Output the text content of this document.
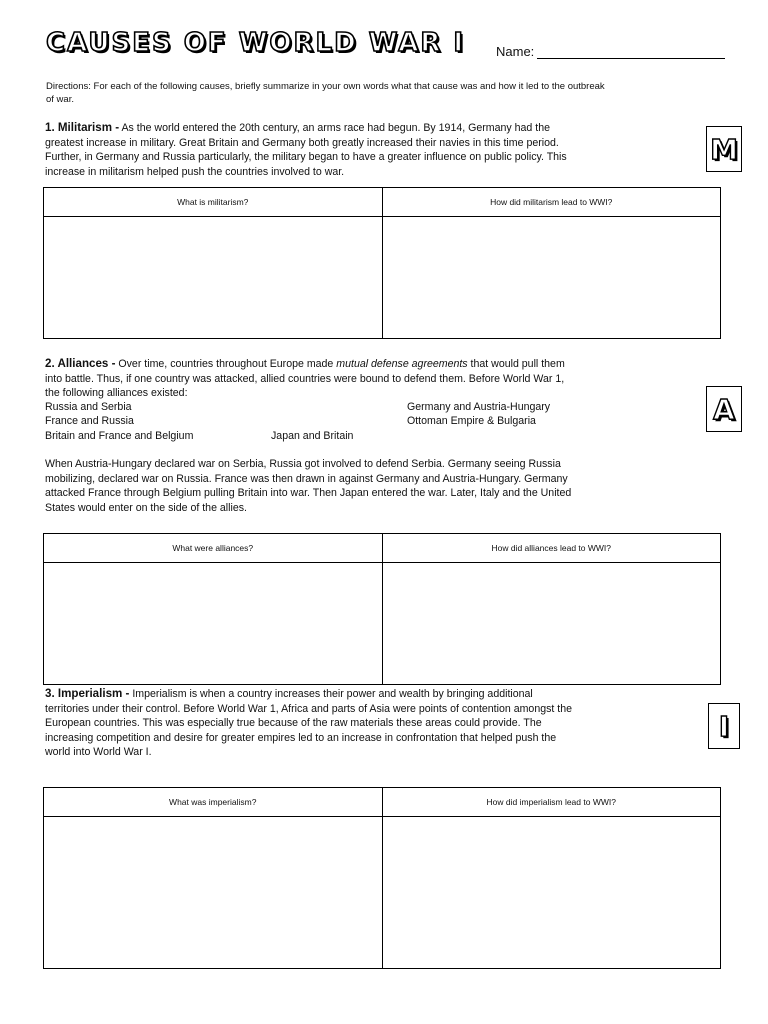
CAUSES OF WORLD WAR I Name:
Directions: For each of the following causes, briefly summarize in your own words what that cause was and how it led to the outbreak of war.
1. Militarism - As the world entered the 20th century, an arms race had begun. By 1914, Germany had the greatest increase in military. Great Britain and Germany both greatly increased their navies in this time period. Further, in Germany and Russia particularly, the military began to have a greater influence on public policy. This increase in militarism helped push the countries involved to war.
M
What is militarism?	How did militarism lead to WWI?

2. Alliances - Over time, countries throughout Europe made mutual defense agreements that would pull them into battle. Thus, if one country was attacked, allied countries were bound to defend them. Before World War 1, the following alliances existed:
Russia and Serbia	Germany and Austria-Hungary
France and Russia	Ottoman Empire & Bulgaria
Britain and France and Belgium	Japan and Britain
When Austria-Hungary declared war on Serbia, Russia got involved to defend Serbia. Germany seeing Russia mobilizing, declared war on Russia. France was then drawn in against Germany and Austria-Hungary. Germany attacked France through Belgium pulling Britain into war. Then Japan entered the war. Later, Italy and the United States would enter on the side of the allies.
A
What were alliances?	How did alliances lead to WWI?

3. Imperialism - Imperialism is when a country increases their power and wealth by bringing additional territories under their control. Before World War 1, Africa and parts of Asia were points of contention amongst the European countries. This was especially true because of the raw materials these areas could provide. The increasing competition and desire for greater empires led to an increase in confrontation that helped push the world into World War I.
I
What was imperialism?	How did imperialism lead to WWI?
